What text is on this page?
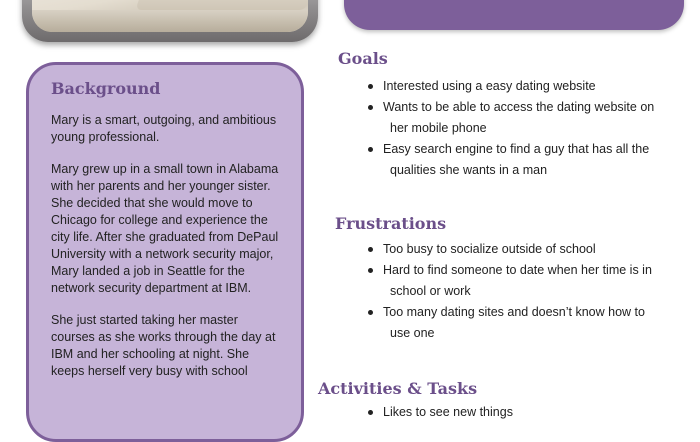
Background

Mary is a smart, outgoing, and ambitious young professional.

Mary grew up in a small town in Alabama with her parents and her younger sister. She decided that she would move to Chicago for college and experience the city life. After she graduated from DePaul University with a network security major, Mary landed a job in Seattle for the network security department at IBM.

She just started taking her master courses as she works through the day at IBM and her schooling at night. She keeps herself very busy with school

Goals
Interested using a easy dating website
Wants to be able to access the dating website on
her mobile phone
Easy search engine to find a guy that has all the
qualities she wants in a man
Frustrations
Too busy to socialize outside of school
Hard to find someone to date when her time is in
school or work
Too many dating sites and doesn’t know how to
use one
Activities & Tasks
Likes to see new things
